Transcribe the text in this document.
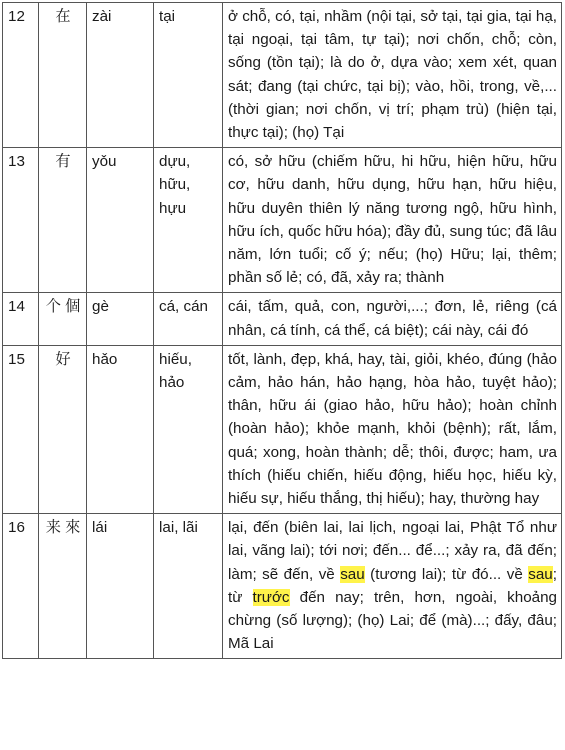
12	在	zài	tại	ở chỗ, có, tại, nhầm (nội tại, sở tại, tại gia, tại hạ, tại ngoại, tại tâm, tự tại); nơi chốn, chỗ; còn, sống (tồn tại); là do ở, dựa vào; xem xét, quan sát; đang (tại chức, tại bị); vào, hồi, trong, về,... (thời gian; nơi chốn, vị trí; phạm trù) (hiện tại, thực tại); (họ) Tại
13	有	yǒu	dựu, hữu, hựu	có, sở hữu (chiếm hữu, hi hữu, hiện hữu, hữu cơ, hữu danh, hữu dụng, hữu hạn, hữu hiệu, hữu duyên thiên lý năng tương ngộ, hữu hình, hữu ích, quốc hữu hóa); đầy đủ, sung túc; đã lâu năm, lớn tuổi; cố ý; nếu; (họ) Hữu; lại, thêm; phần số lẻ; có, đã, xảy ra; thành
14	个 個	gè	cá, cán	cái, tấm, quả, con, người,...; đơn, lẻ, riêng (cá nhân, cá tính, cá thể, cá biệt); cái này, cái đó
15	好	hǎo	hiếu, hảo	tốt, lành, đẹp, khá, hay, tài, giỏi, khéo, đúng (hảo cảm, hảo hán, hảo hạng, hòa hảo, tuyệt hảo); thân, hữu ái (giao hảo, hữu hảo); hoàn chỉnh (hoàn hảo); khỏe mạnh, khỏi (bệnh); rất, lắm, quá; xong, hoàn thành; dễ; thôi, được; ham, ưa thích (hiếu chiến, hiếu động, hiếu học, hiếu kỳ, hiếu sự, hiếu thắng, thị hiếu); hay, thường hay
16	来 來	lái	lai, lãi	lại, đến (biên lai, lai lịch, ngoại lai, Phật Tổ như lai, vãng lai); tới nơi; đến... để...; xảy ra, đã đến; làm; sẽ đến, về sau (tương lai); từ đó... về sau; từ trước đến nay; trên, hơn, ngoài, khoảng chừng (số lượng); (họ) Lai; để (mà)...; đấy, đâu; Mã Lai
